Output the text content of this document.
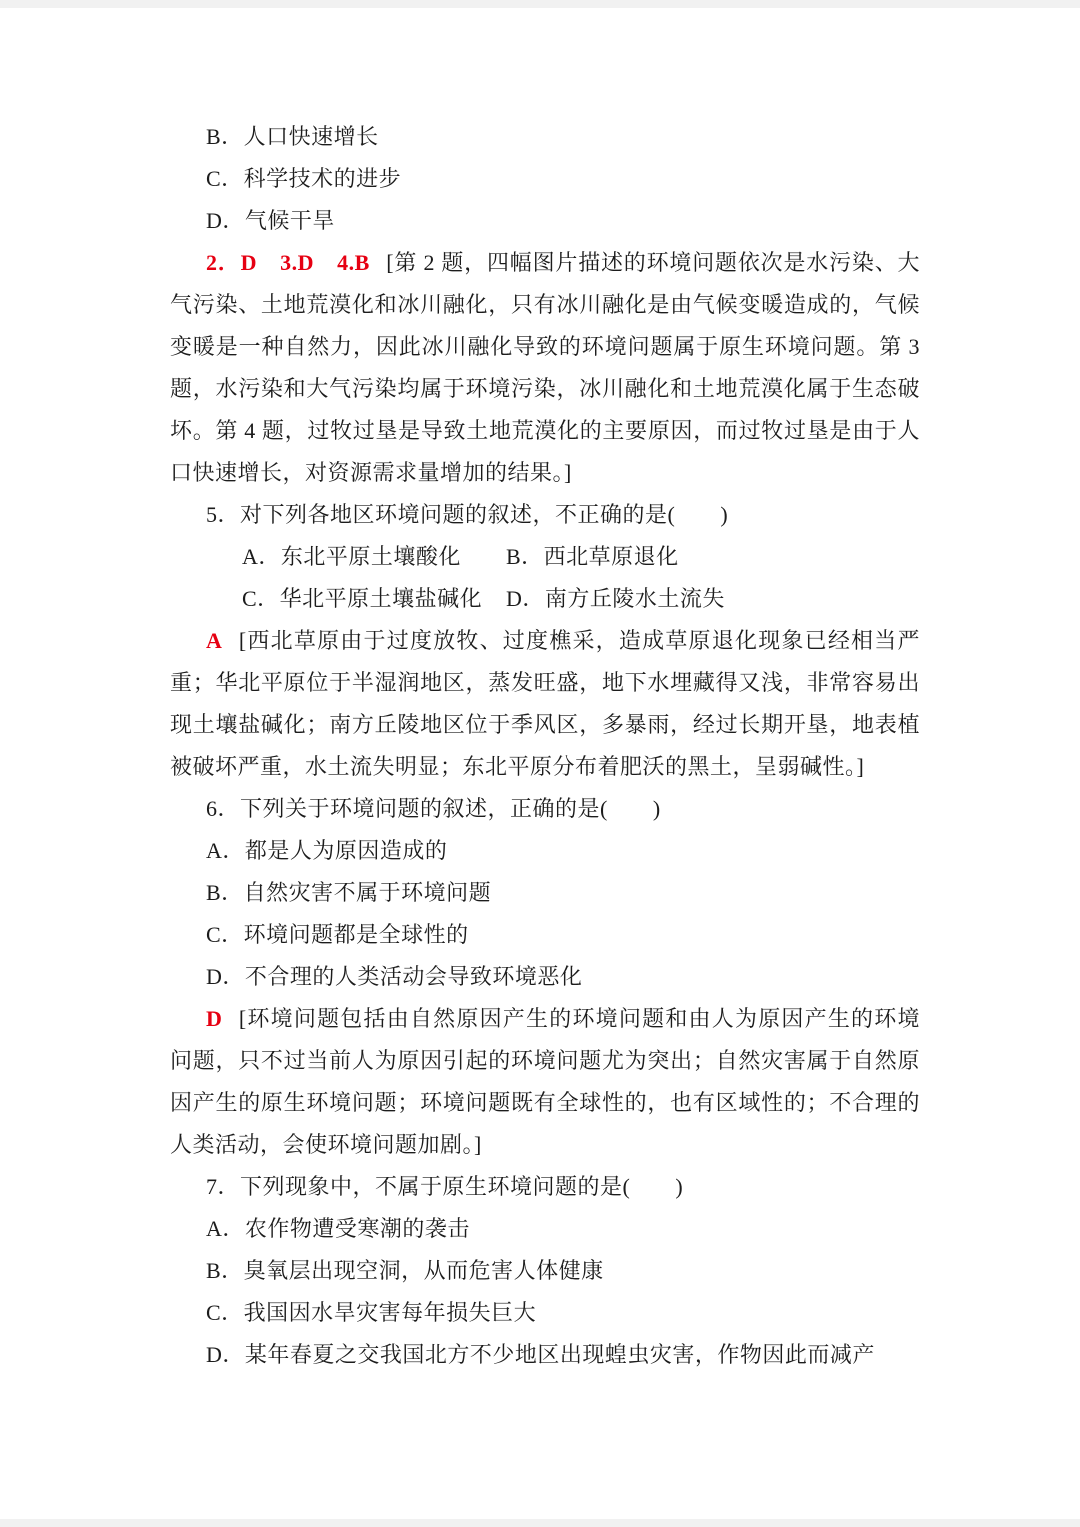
B．人口快速增长

C．科学技术的进步

D．气候干旱

2．D　3.D　4.B [第 2 题，四幅图片描述的环境问题依次是水污染、大气污染、土地荒漠化和冰川融化，只有冰川融化是由气候变暖造成的，气候变暖是一种自然力，因此冰川融化导致的环境问题属于原生环境问题。第 3 题，水污染和大气污染均属于环境污染，冰川融化和土地荒漠化属于生态破坏。第 4 题，过牧过垦是导致土地荒漠化的主要原因，而过牧过垦是由于人口快速增长，对资源需求量增加的结果。]

5．对下列各地区环境问题的叙述，不正确的是(　　)

A．东北平原土壤酸化 B．西北草原退化

C．华北平原土壤盐碱化 D．南方丘陵水土流失

A [西北草原由于过度放牧、过度樵采，造成草原退化现象已经相当严重；华北平原位于半湿润地区，蒸发旺盛，地下水埋藏得又浅，非常容易出现土壤盐碱化；南方丘陵地区位于季风区，多暴雨，经过长期开垦，地表植被破坏严重，水土流失明显；东北平原分布着肥沃的黑土，呈弱碱性。]

6．下列关于环境问题的叙述，正确的是(　　)

A．都是人为原因造成的

B．自然灾害不属于环境问题

C．环境问题都是全球性的

D．不合理的人类活动会导致环境恶化

D [环境问题包括由自然原因产生的环境问题和由人为原因产生的环境问题，只不过当前人为原因引起的环境问题尤为突出；自然灾害属于自然原因产生的原生环境问题；环境问题既有全球性的，也有区域性的；不合理的人类活动，会使环境问题加剧。]

7．下列现象中，不属于原生环境问题的是(　　)

A．农作物遭受寒潮的袭击

B．臭氧层出现空洞，从而危害人体健康

C．我国因水旱灾害每年损失巨大

D．某年春夏之交我国北方不少地区出现蝗虫灾害，作物因此而减产
